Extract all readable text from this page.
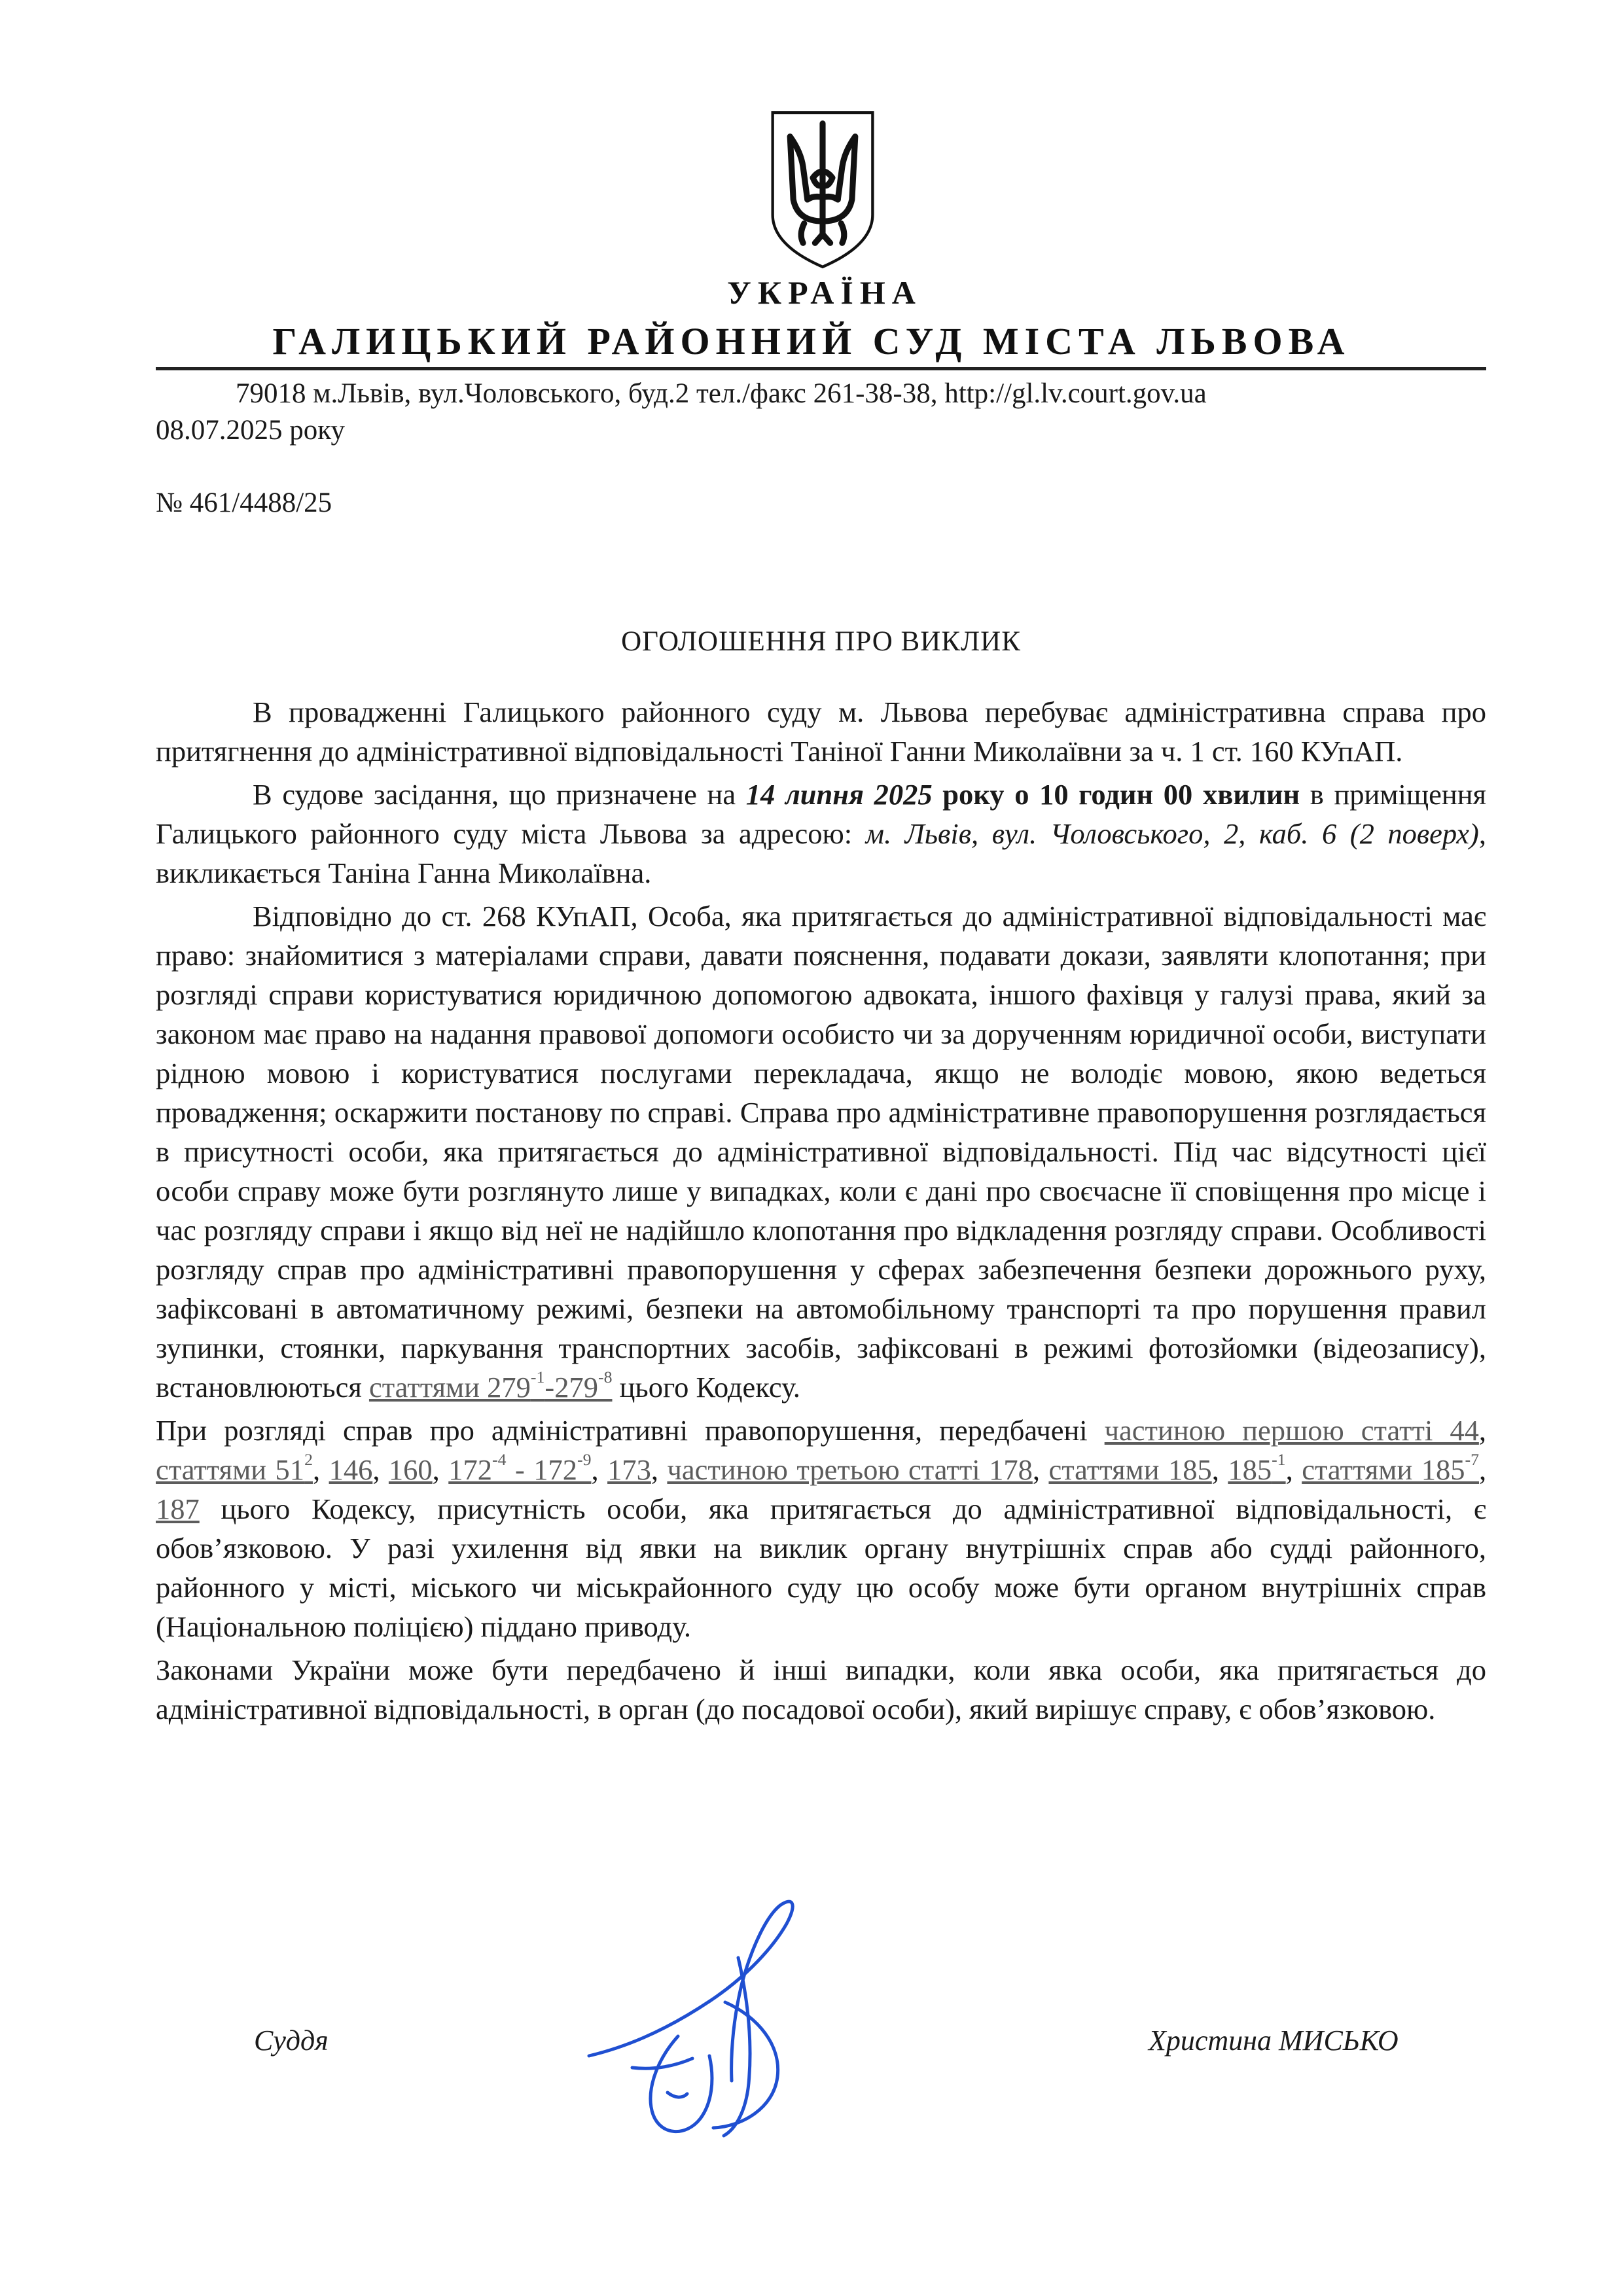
УКРАЇНА
ГАЛИЦЬКИЙ РАЙОННИЙ СУД МІСТА ЛЬВОВА
79018 м.Львів, вул.Чоловського, буд.2 тел./факс 261-38-38, http://gl.lv.court.gov.ua
08.07.2025 року
№ 461/4488/25
ОГОЛОШЕННЯ ПРО ВИКЛИК

В провадженні Галицького районного суду м. Львова перебуває адміністративна справа про притягнення до адміністративної відповідальності Таніної Ганни Миколаївни за ч. 1 ст. 160 КУпАП.

В судове засідання, що призначене на 14 липня 2025 року о 10 годин 00 хвилин в приміщення Галицького районного суду міста Львова за адресою: м. Львів, вул. Чоловського, 2, каб. 6 (2 поверх), викликається Таніна Ганна Миколаївна.

Відповідно до ст. 268 КУпАП, Особа, яка притягається до адміністративної відповідальності має право: знайомитися з матеріалами справи, давати пояснення, подавати докази, заявляти клопотання; при розгляді справи користуватися юридичною допомогою адвоката, іншого фахівця у галузі права, який за законом має право на надання правової допомоги особисто чи за дорученням юридичної особи, виступати рідною мовою і користуватися послугами перекладача, якщо не володіє мовою, якою ведеться провадження; оскаржити постанову по справі. Справа про адміністративне правопорушення розглядається в присутності особи, яка притягається до адміністративної відповідальності. Під час відсутності цієї особи справу може бути розглянуто лише у випадках, коли є дані про своєчасне її сповіщення про місце і час розгляду справи і якщо від неї не надійшло клопотання про відкладення розгляду справи. Особливості розгляду справ про адміністративні правопорушення у сферах забезпечення безпеки дорожнього руху, зафіксовані в автоматичному режимі, безпеки на автомобільному транспорті та про порушення правил зупинки, стоянки, паркування транспортних засобів, зафіксовані в режимі фотозйомки (відеозапису), встановлюються статтями $279^{-1}-279^{-8}$ цього Кодексу.

При розгляді справ про адміністративні правопорушення, передбачені частиною першою статті 44, статтями $51^2$, 146, 160, $172^{-4} - 172^{-9}$, 173, частиною третьою статті 178, статтями 185, $185^{-1}$, статтями $185^{-7}$, 187 цього Кодексу, присутність особи, яка притягається до адміністративної відповідальності, є обов’язковою. У разі ухилення від явки на виклик органу внутрішніх справ або судді районного, районного у місті, міського чи міськрайонного суду цю особу може бути органом внутрішніх справ (Національною поліцією) піддано приводу.

Законами України може бути передбачено й інші випадки, коли явка особи, яка притягається до адміністративної відповідальності, в орган (до посадової особи), який вирішує справу, є обов’язковою.

Суддя	Христина МИСЬКО
